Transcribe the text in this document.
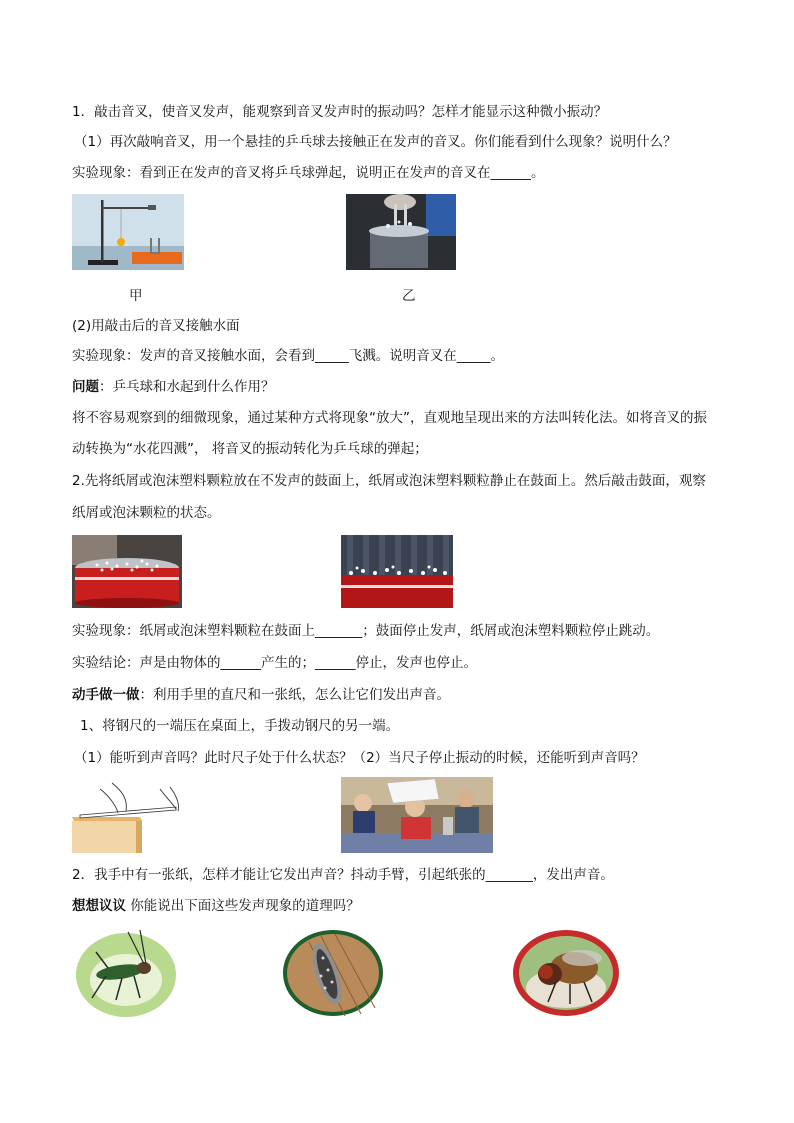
1．敲击音叉，使音叉发声，能观察到音叉发声时的振动吗？怎样才能显示这种微小振动？
（1）再次敲响音叉，用一个悬挂的乒乓球去接触正在发声的音叉。你们能看到什么现象？说明什么？
实验现象：看到正在发声的音叉将乒乓球弹起，说明正在发声的音叉在______。
甲	乙
(2)用敲击后的音叉接触水面
实验现象：发声的音叉接触水面，会看到_____飞溅。说明音叉在_____。
问题：乒乓球和水起到什么作用？
将不容易观察到的细微现象，通过某种方式将现象“放大”，直观地呈现出来的方法叫转化法。如将音叉的振
动转换为“水花四溅”， 将音叉的振动转化为乒乓球的弹起；
2.先将纸屑或泡沫塑料颗粒放在不发声的鼓面上，纸屑或泡沫塑料颗粒静止在鼓面上。然后敲击鼓面，观察
纸屑或泡沫颗粒的状态。
实验现象：纸屑或泡沫塑料颗粒在鼓面上_______；鼓面停止发声，纸屑或泡沫塑料颗粒停止跳动。
实验结论：声是由物体的______产生的；______停止，发声也停止。
动手做一做：利用手里的直尺和一张纸，怎么让它们发出声音。
1、将钢尺的一端压在桌面上，手拨动钢尺的另一端。
（1）能听到声音吗？此时尺子处于什么状态？（2）当尺子停止振动的时候，还能听到声音吗？
2．我手中有一张纸，怎样才能让它发出声音？抖动手臂，引起纸张的_______，发出声音。
想想议议 你能说出下面这些发声现象的道理吗？
